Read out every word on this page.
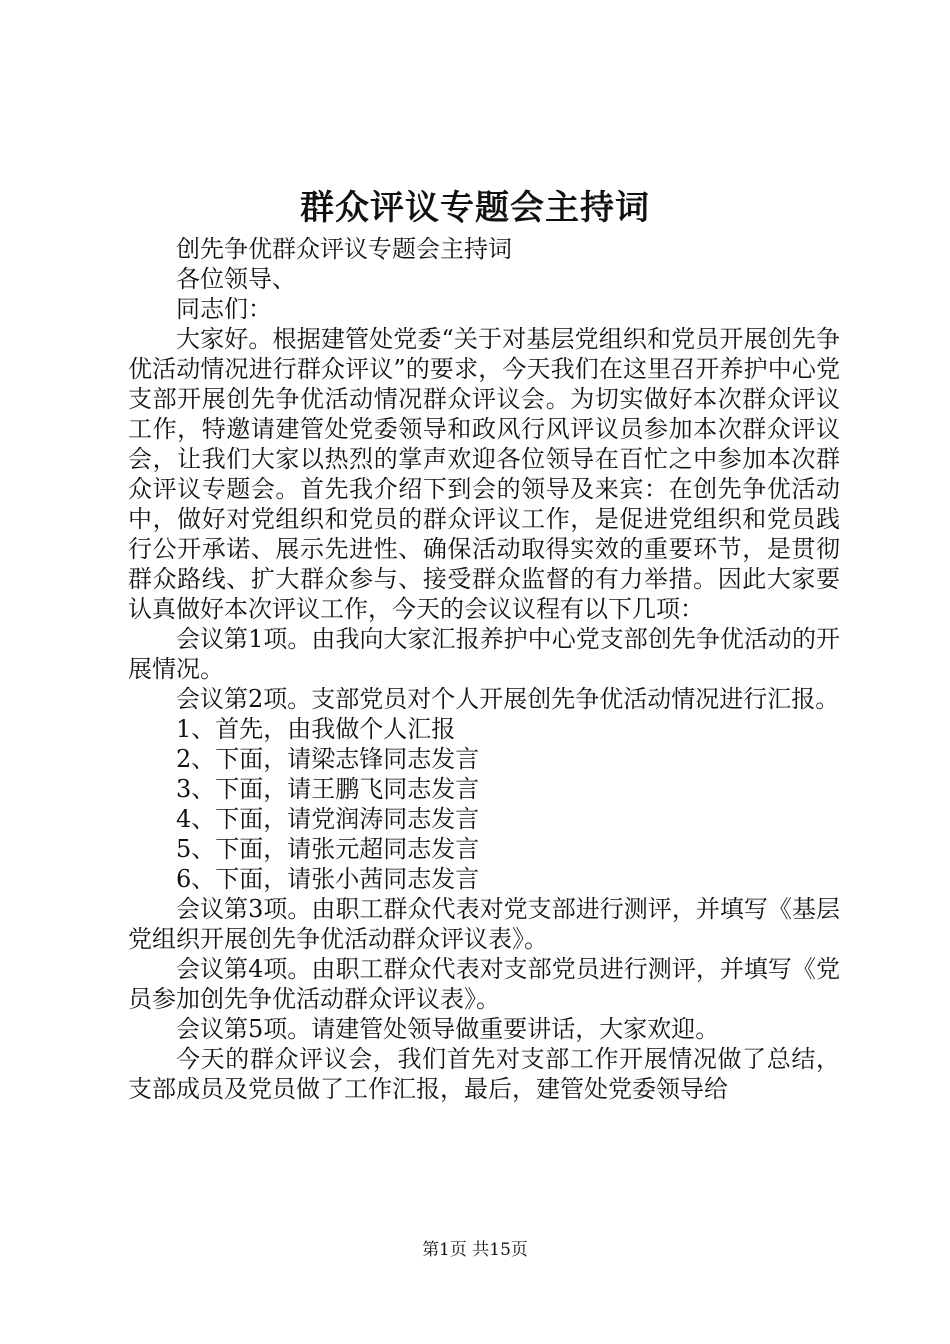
群众评议专题会主持词

创先争优群众评议专题会主持词

各位领导、

同志们：

大家好。根据建管处党委“关于对基层党组织和党员开展创先争优活动情况进行群众评议”的要求，今天我们在这里召开养护中心党支部开展创先争优活动情况群众评议会。为切实做好本次群众评议工作，特邀请建管处党委领导和政风行风评议员参加本次群众评议会，让我们大家以热烈的掌声欢迎各位领导在百忙之中参加本次群众评议专题会。首先我介绍下到会的领导及来宾：在创先争优活动中，做好对党组织和党员的群众评议工作，是促进党组织和党员践行公开承诺、展示先进性、确保活动取得实效的重要环节，是贯彻群众路线、扩大群众参与、接受群众监督的有力举措。因此大家要认真做好本次评议工作，今天的会议议程有以下几项：

会议第1项。由我向大家汇报养护中心党支部创先争优活动的开展情况。

会议第2项。支部党员对个人开展创先争优活动情况进行汇报。

1、首先，由我做个人汇报

2、下面，请梁志锋同志发言

3、下面，请王鹏飞同志发言

4、下面，请党润涛同志发言

5、下面，请张元超同志发言

6、下面，请张小茜同志发言

会议第3项。由职工群众代表对党支部进行测评，并填写《基层党组织开展创先争优活动群众评议表》。

会议第4项。由职工群众代表对支部党员进行测评，并填写《党员参加创先争优活动群众评议表》。

会议第5项。请建管处领导做重要讲话，大家欢迎。

今天的群众评议会，我们首先对支部工作开展情况做了总结，支部成员及党员做了工作汇报，最后，建管处党委领导给

第1页 共15页
